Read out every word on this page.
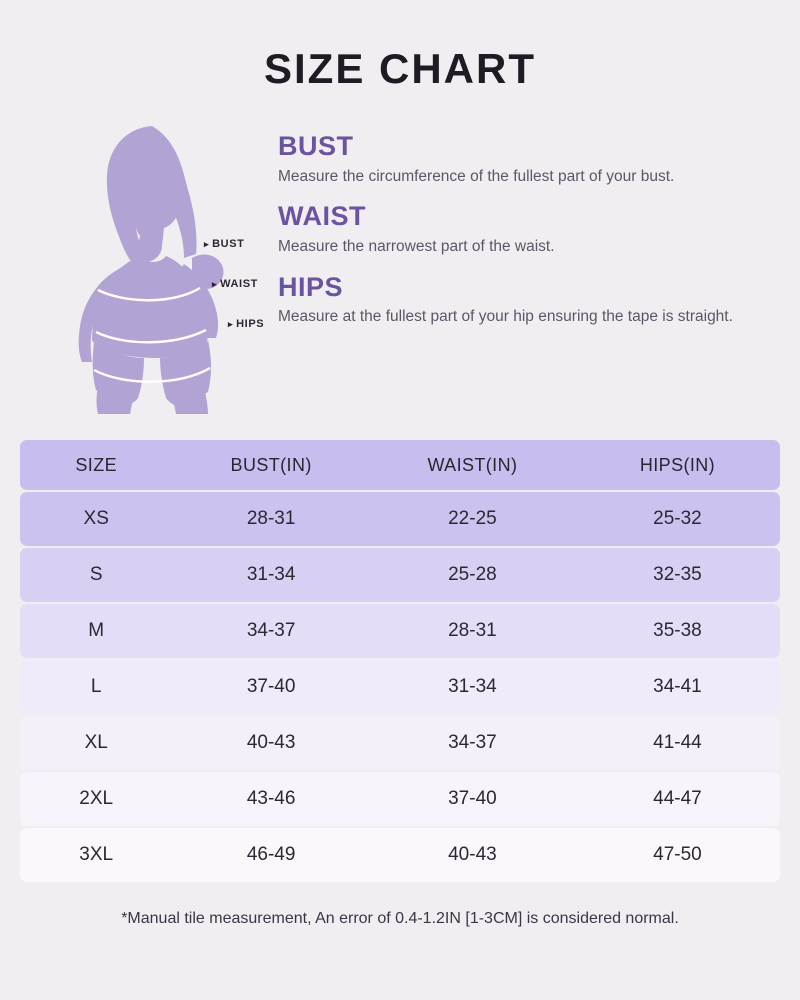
SIZE CHART
▸ BUST
▸ WAIST
▸ HIPS
BUST

Measure the circumference of the fullest part of your bust.

WAIST

Measure the narrowest part of the waist.

HIPS

Measure at the fullest part of your hip ensuring the tape is straight.

SIZE	BUST(IN)	WAIST(IN)	HIPS(IN)
XS	28-31	22-25	25-32
S	31-34	25-28	32-35
M	34-37	28-31	35-38
L	37-40	31-34	34-41
XL	40-43	34-37	41-44
2XL	43-46	37-40	44-47
3XL	46-49	40-43	47-50
*Manual tile measurement, An error of 0.4-1.2IN [1-3CM] is considered normal.
